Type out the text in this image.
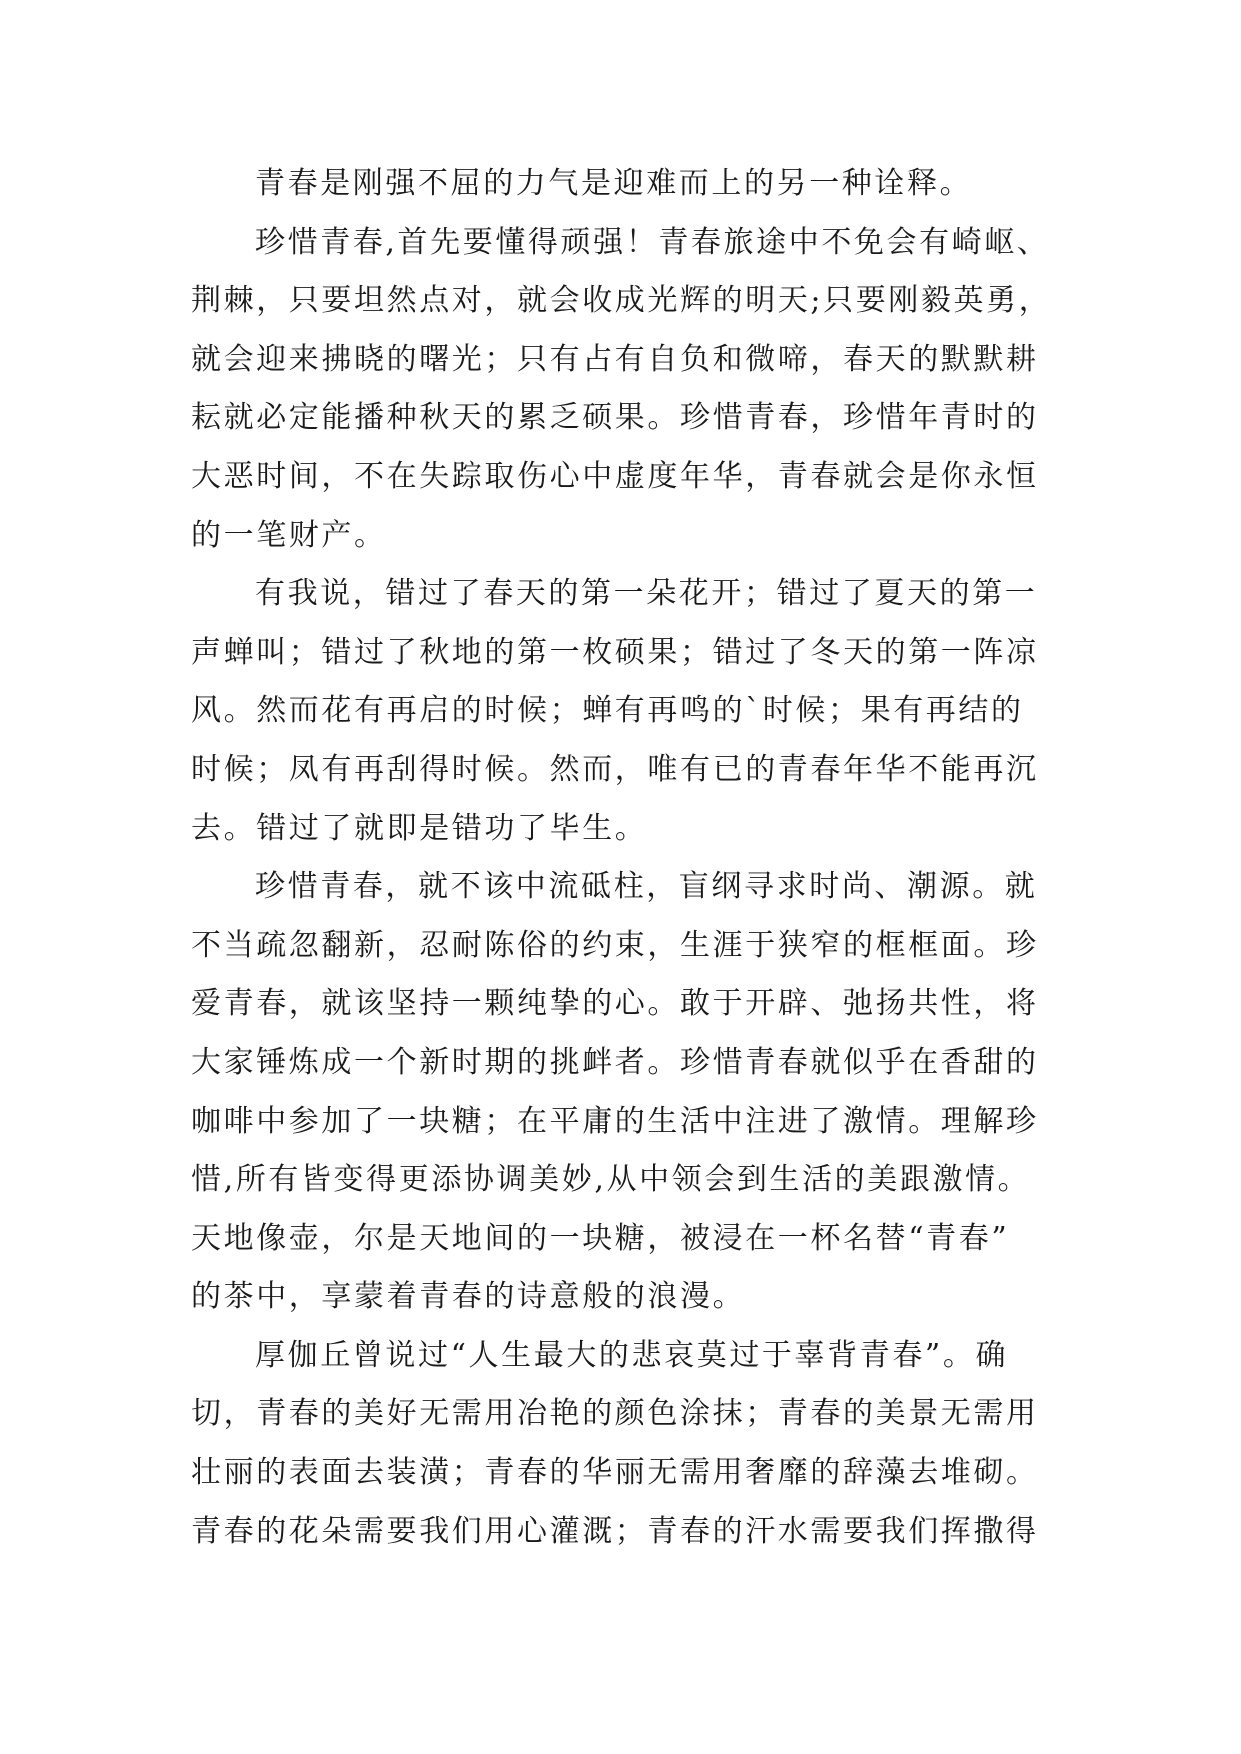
青春是刚强不屈的力气是迎难而上的另一种诠释。
珍惜青春,首先要懂得顽强！青春旅途中不免会有崎岖、
荆棘，只要坦然点对，就会收成光辉的明天;只要刚毅英勇，
就会迎来拂晓的曙光；只有占有自负和微啼，春天的默默耕
耘就必定能播种秋天的累乏硕果。珍惜青春，珍惜年青时的
大恶时间，不在失踪取伤心中虚度年华，青春就会是你永恒
的一笔财产。
有我说，错过了春天的第一朵花开；错过了夏天的第一
声蝉叫；错过了秋地的第一枚硕果；错过了冬天的第一阵凉
风。然而花有再启的时候；蝉有再鸣的`时候；果有再结的
时候；凤有再刮得时候。然而，唯有已的青春年华不能再沉
去。错过了就即是错功了毕生。
珍惜青春，就不该中流砥柱，盲纲寻求时尚、潮源。就
不当疏忽翻新，忍耐陈俗的约束，生涯于狭窄的框框面。珍
爱青春，就该坚持一颗纯挚的心。敢于开辟、弛扬共性，将
大家锤炼成一个新时期的挑衅者。珍惜青春就似乎在香甜的
咖啡中参加了一块糖；在平庸的生活中注进了激情。理解珍
惜,所有皆变得更添协调美妙,从中领会到生活的美跟激情。
天地像壶，尔是天地间的一块糖，被浸在一杯名替“青春”
的茶中，享蒙着青春的诗意般的浪漫。
厚伽丘曾说过“人生最大的悲哀莫过于辜背青春”。确
切，青春的美好无需用冶艳的颜色涂抹；青春的美景无需用
壮丽的表面去装潢；青春的华丽无需用奢靡的辞藻去堆砌。
青春的花朵需要我们用心灌溉；青春的汗水需要我们挥撒得
